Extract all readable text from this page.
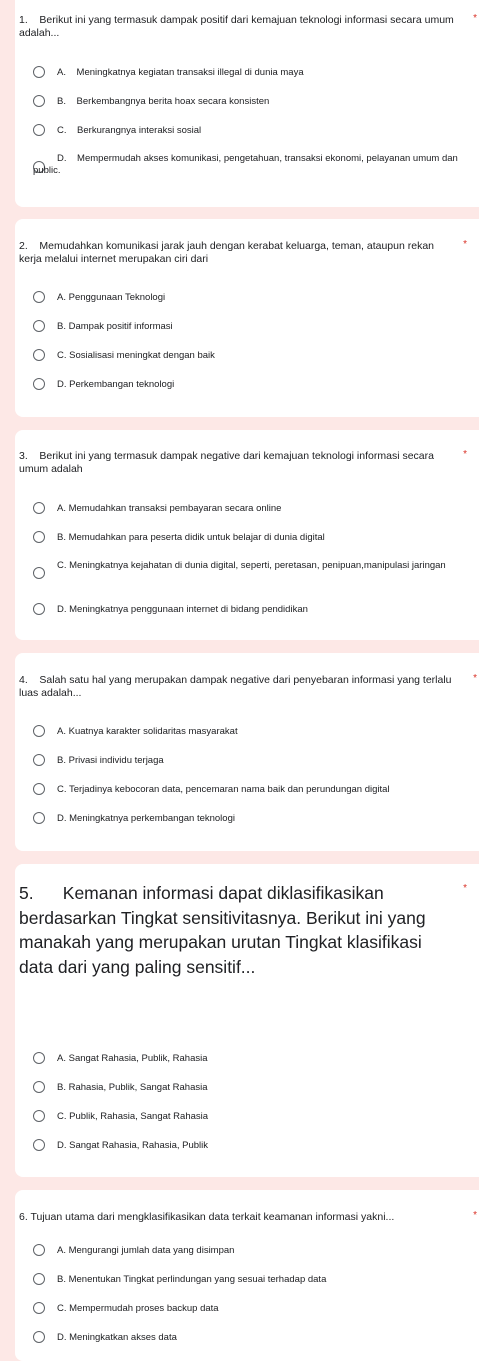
1.    Berikut ini yang termasuk dampak positif dari kemajuan teknologi informasi secara umum adalah...
*
A.    Meningkatnya kegiatan transaksi illegal di dunia maya
B.    Berkembangnya berita hoax secara konsisten
C.    Berkurangnya interaksi sosial
D.    Mempermudah akses komunikasi, pengetahuan, transaksi ekonomi, pelayanan umum dan public.
2.    Memudahkan komunikasi jarak jauh dengan kerabat keluarga, teman, ataupun rekan kerja melalui internet merupakan ciri dari
*
A. Penggunaan Teknologi
B. Dampak positif informasi
C. Sosialisasi meningkat dengan baik
D. Perkembangan teknologi
3.    Berikut ini yang termasuk dampak negative dari kemajuan teknologi informasi secara umum adalah
*
A. Memudahkan transaksi pembayaran secara online
B. Memudahkan para peserta didik untuk belajar di dunia digital
C. Meningkatnya kejahatan di dunia digital, seperti, peretasan, penipuan,manipulasi jaringan
D. Meningkatnya penggunaan internet di bidang pendidikan
4.    Salah satu hal yang merupakan dampak negative dari penyebaran informasi yang terlalu luas adalah...
*
A. Kuatnya karakter solidaritas masyarakat
B. Privasi individu terjaga
C. Terjadinya kebocoran data, pencemaran nama baik dan perundungan digital
D. Meningkatnya perkembangan teknologi
5.      Kemanan informasi dapat diklasifikasikan berdasarkan Tingkat sensitivitasnya. Berikut ini yang manakah yang merupakan urutan Tingkat klasifikasi data dari yang paling sensitif...
*
A. Sangat Rahasia, Publik, Rahasia
B. Rahasia, Publik, Sangat Rahasia
C. Publik, Rahasia, Sangat Rahasia
D. Sangat Rahasia, Rahasia, Publik
6. Tujuan utama dari mengklasifikasikan data terkait keamanan informasi yakni...	*
A. Mengurangi jumlah data yang disimpan
B. Menentukan Tingkat perlindungan yang sesuai terhadap data
C. Mempermudah proses backup data
D. Meningkatkan akses data
